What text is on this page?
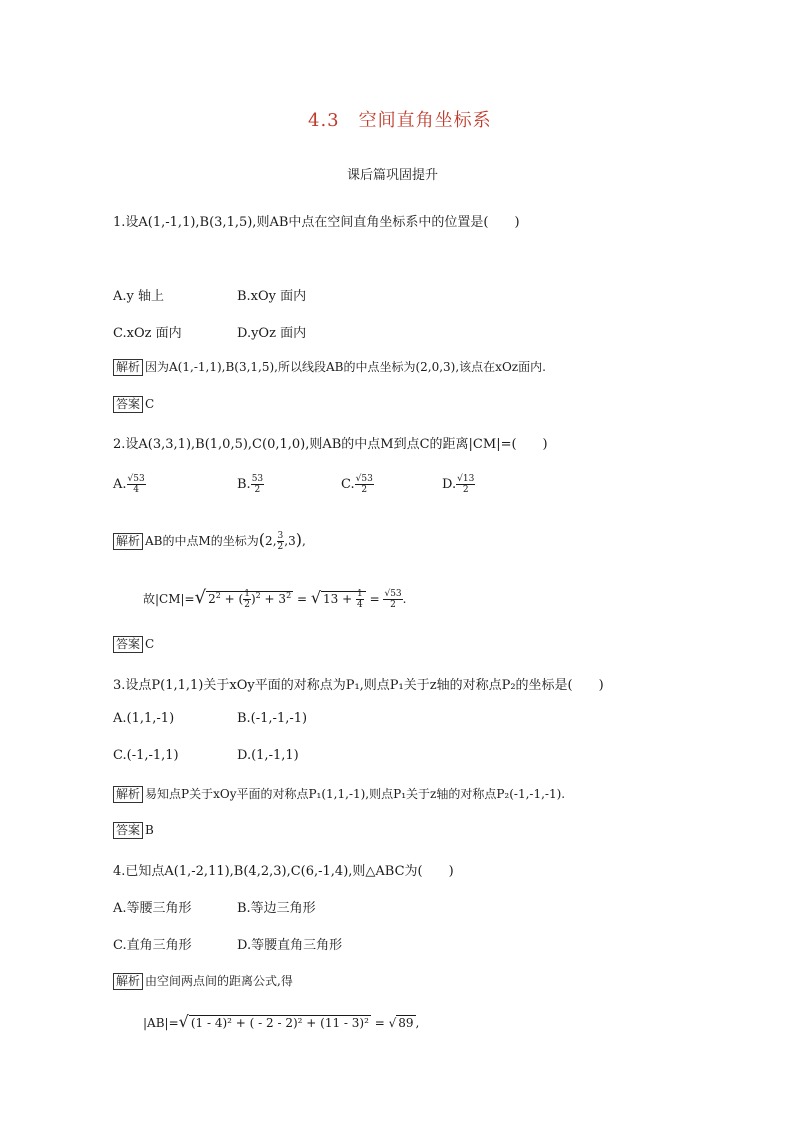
4.3　空间直角坐标系
课后篇巩固提升
1.设A(1,-1,1),B(3,1,5),则AB中点在空间直角坐标系中的位置是(　　)
A.y 轴上	B.xOy 面内
C.xOz 面内	D.yOz 面内
解析 因为A(1,-1,1),B(3,1,5),所以线段AB的中点坐标为(2,0,3),该点在xOz面内.
答案 C
2.设A(3,3,1),B(1,0,5),C(0,1,0),则AB的中点M到点C的距离|CM|=(　　)
A. $\frac{√53}{4}$	B. $\frac{53}{2}$	C. $\frac{√53}{2}$	D. $\frac{√13}{2}$
解析 AB的中点M的坐标为(2, $\frac{3}{2} ,3$),
故|CM|=√ $2^2$ + ( $\frac{1}{2} )^2 + 3^2$ = √ $13 + \frac{1}{4} = \frac{√53}{2}$ .
答案 C
3.设点P(1,1,1)关于xOy平面的对称点为P₁,则点P₁关于z轴的对称点P₂的坐标是(　　)
A.(1,1,-1)	B.(-1,-1,-1)
C.(-1,-1,1)	D.(1,-1,1)
解析 易知点P关于xOy平面的对称点P₁(1,1,-1),则点P₁关于z轴的对称点P₂(-1,-1,-1).
答案 B
4.已知点A(1,-2,11),B(4,2,3),C(6,-1,4),则△ABC为(　　)
A.等腰三角形	B.等边三角形
C.直角三角形	D.等腰直角三角形
解析 由空间两点间的距离公式,得
|AB|=√ (1 - 4)² + ( - 2 - 2)² + (11 - 3)² = √ 89 ,
